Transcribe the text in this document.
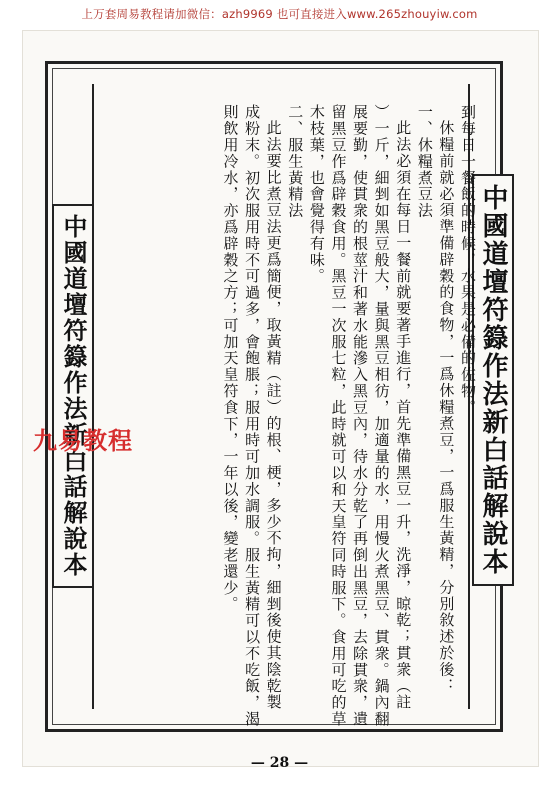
上万套周易教程请加微信：azh9969 也可直接进入www.265zhouyiw.com
中國道壇符籙作法新白話解說本
中國道壇符籙作法新白話解說本	到每日一餐飯的時候，水果是必備的佐物。
休糧前就必須準備辟穀的食物，一爲休糧煮豆，一爲服生黃精，分別敘述於後：
一、休糧煮豆法
此法必須在每日一餐前就要著手進行，首先準備黑豆一升，洗淨，晾乾；貫衆（註
）一斤，細剉如黑豆般大，量與黑豆相彷，加適量的水，用慢火煮黑豆、貫衆。鍋內翻
展要勤，使貫衆的根莖汁和著水能滲入黑豆內，待水分乾了再倒出黑豆，去除貫衆，遺
留黑豆作爲辟穀食用。黑豆一次服七粒，此時就可以和天皇符同時服下。食用可吃的草
木枝葉，也會覺得有味。
二、服生黃精法
此法要比煮豆法更爲簡便，取黃精（註）的根、梗，多少不拘，細剉後使其陰乾製
成粉末。初次服用時不可過多，會飽脹；服用時可加水調服。服生黃精可以不吃飯，渴
則飲用冷水，亦爲辟穀之方；可加天皇符食下，一年以後，變老還少。
九易教程
— 28 —
